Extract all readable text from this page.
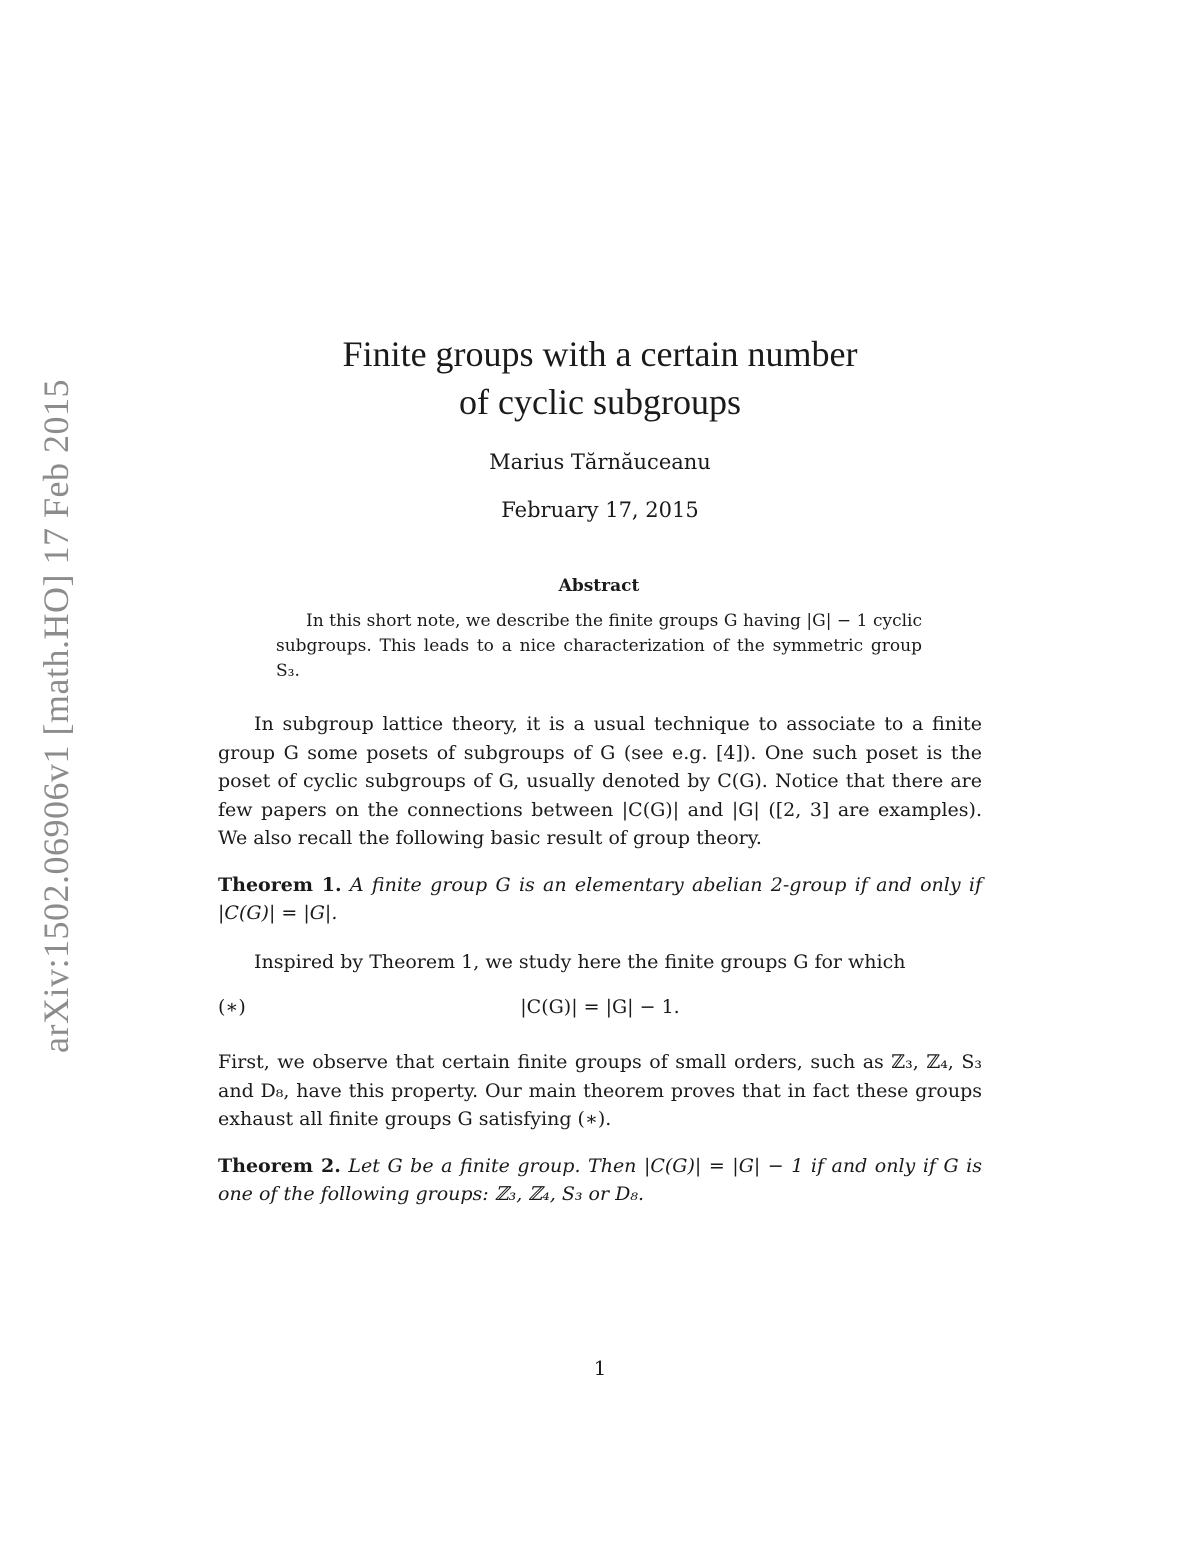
arXiv:1502.06906v1 [math.HO] 17 Feb 2015
Finite groups with a certain number
of cyclic subgroups
Marius Tărnăuceanu
February 17, 2015
Abstract

In this short note, we describe the finite groups G having |G| − 1 cyclic subgroups. This leads to a nice characterization of the symmetric group S₃.

In subgroup lattice theory, it is a usual technique to associate to a finite group G some posets of subgroups of G (see e.g. [4]). One such poset is the poset of cyclic subgroups of G, usually denoted by C(G). Notice that there are few papers on the connections between |C(G)| and |G| ([2, 3] are examples). We also recall the following basic result of group theory.

Theorem 1. A finite group G is an elementary abelian 2-group if and only if |C(G)| = |G|.

Inspired by Theorem 1, we study here the finite groups G for which

(∗)	|C(G)| = |G| − 1.

First, we observe that certain finite groups of small orders, such as ℤ₃, ℤ₄, S₃ and D₈, have this property. Our main theorem proves that in fact these groups exhaust all finite groups G satisfying (∗).

Theorem 2. Let G be a finite group. Then |C(G)| = |G| − 1 if and only if G is one of the following groups: ℤ₃, ℤ₄, S₃ or D₈.

1
